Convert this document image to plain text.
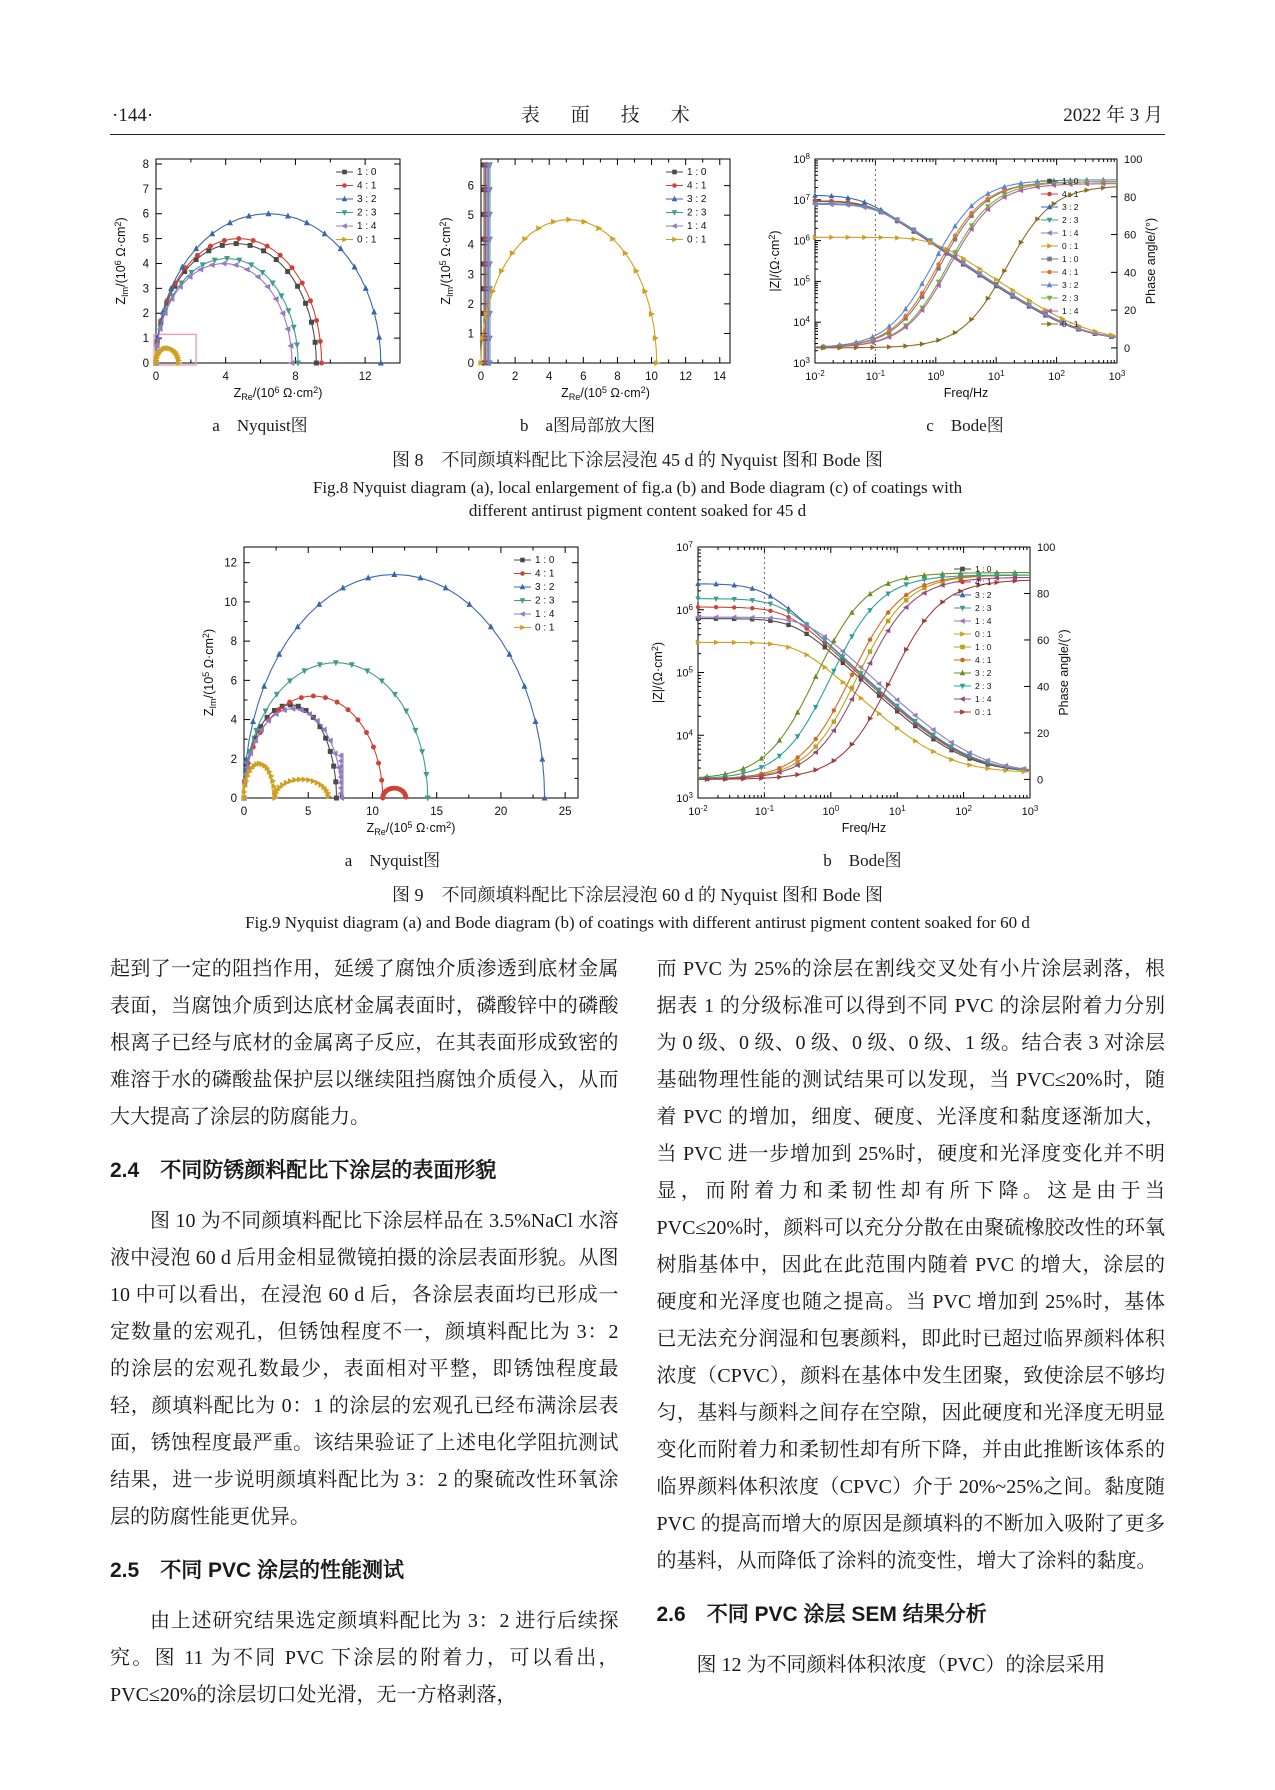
·144·	表　面　技　术	2022 年 3 月
0	4	8	12
0
1
2
3
4
5
6
7
8
$Z_{Re}/(10^6$ $\Omega\cdot cm^2$)
$Z_{Im}/(10^6$ $\Omega\cdot cm^2$)
1 : 0
4 : 1
3 : 2
2 : 3
1 : 4
0 : 1
a　Nyquist图
0 2 4 6 8 10 12 14
0
1
2
3
4
5
6
$Z_{Re}/(10^5$ $\Omega\cdot cm^2$)
$Z_{Im}/(10^5$ $\Omega\cdot cm^2$)
1 : 0
4 : 1
3 : 2
2 : 3
1 : 4
0 : 1
b　a图局部放大图
$10^{-2}$	$10^{-1}$	$10^0$	$10^1$	$10^2$	$10^3$
$10^3$
$10^4$
$10^5$
$10^6$
$10^7$
$10^8$
0
20
40
60
80
100
Freq/Hz
$|Z|/(\Omega\cdot cm^2)$	Phase angle/(°)
1 : 0
4 : 1
3 : 2
2 : 3
1 : 4
0 : 1
1 : 0
4 : 1
3 : 2
2 : 3
1 : 4
0 : 1
c　Bode图
图 8　不同颜填料配比下涂层浸泡 45 d 的 Nyquist 图和 Bode 图
Fig.8 Nyquist diagram (a), local enlargement of fig.a (b) and Bode diagram (c) of coatings with
different antirust pigment content soaked for 45 d
0	5	10	15	20	25
0
2
4
6
8
10
12
$Z_{Re}/(10^5$ $\Omega\cdot cm^2$)
$Z_{Im}/(10^5$ $\Omega\cdot cm^2$)
1 : 0
4 : 1
3 : 2
2 : 3
1 : 4
0 : 1
a　Nyquist图
$10^{-2}$	$10^{-1}$	$10^0$	$10^1$	$10^2$	$10^3$
$10^3$
$10^4$
$10^5$
$10^6$
$10^7$
0
20
40
60
80
100
Freq/Hz
$|Z|/(\Omega\cdot cm^2)$	Phase angle/(°)
1 : 0
4 : 1
3 : 2
2 : 3
1 : 4
0 : 1
1 : 0
4 : 1
3 : 2
2 : 3
1 : 4
0 : 1
b　Bode图
图 9　不同颜填料配比下涂层浸泡 60 d 的 Nyquist 图和 Bode 图
Fig.9 Nyquist diagram (a) and Bode diagram (b) of coatings with different antirust pigment content soaked for 60 d

起到了一定的阻挡作用，延缓了腐蚀介质渗透到底材金属表面，当腐蚀介质到达底材金属表面时，磷酸锌中的磷酸根离子已经与底材的金属离子反应，在其表面形成致密的难溶于水的磷酸盐保护层以继续阻挡腐蚀介质侵入，从而大大提高了涂层的防腐能力。

2.4　不同防锈颜料配比下涂层的表面形貌

图 10 为不同颜填料配比下涂层样品在 3.5%NaCl 水溶液中浸泡 60 d 后用金相显微镜拍摄的涂层表面形貌。从图 10 中可以看出，在浸泡 60 d 后，各涂层表面均已形成一定数量的宏观孔，但锈蚀程度不一，颜填料配比为 3：2 的涂层的宏观孔数最少，表面相对平整，即锈蚀程度最轻，颜填料配比为 0：1 的涂层的宏观孔已经布满涂层表面，锈蚀程度最严重。该结果验证了上述电化学阻抗测试结果，进一步说明颜填料配比为 3：2 的聚硫改性环氧涂层的防腐性能更优异。

2.5　不同 PVC 涂层的性能测试

由上述研究结果选定颜填料配比为 3：2 进行后续探究。图 11 为不同 PVC 下涂层的附着力，可以看出，PVC≤20%的涂层切口处光滑，无一方格剥落，

而 PVC 为 25%的涂层在割线交叉处有小片涂层剥落，根据表 1 的分级标准可以得到不同 PVC 的涂层附着力分别为 0 级、0 级、0 级、0 级、0 级、1 级。结合表 3 对涂层基础物理性能的测试结果可以发现，当 PVC≤20%时，随着 PVC 的增加，细度、硬度、光泽度和黏度逐渐加大，当 PVC 进一步增加到 25%时，硬度和光泽度变化并不明显，而附着力和柔韧性却有所下降。这是由于当 PVC≤20%时，颜料可以充分分散在由聚硫橡胶改性的环氧树脂基体中，因此在此范围内随着 PVC 的增大，涂层的硬度和光泽度也随之提高。当 PVC 增加到 25%时，基体已无法充分润湿和包裹颜料，即此时已超过临界颜料体积浓度（CPVC），颜料在基体中发生团聚，致使涂层不够均匀，基料与颜料之间存在空隙，因此硬度和光泽度无明显变化而附着力和柔韧性却有所下降，并由此推断该体系的临界颜料体积浓度（CPVC）介于 20%~25%之间。黏度随 PVC 的提高而增大的原因是颜填料的不断加入吸附了更多的基料，从而降低了涂料的流变性，增大了涂料的黏度。

2.6　不同 PVC 涂层 SEM 结果分析

图 12 为不同颜料体积浓度（PVC）的涂层采用
